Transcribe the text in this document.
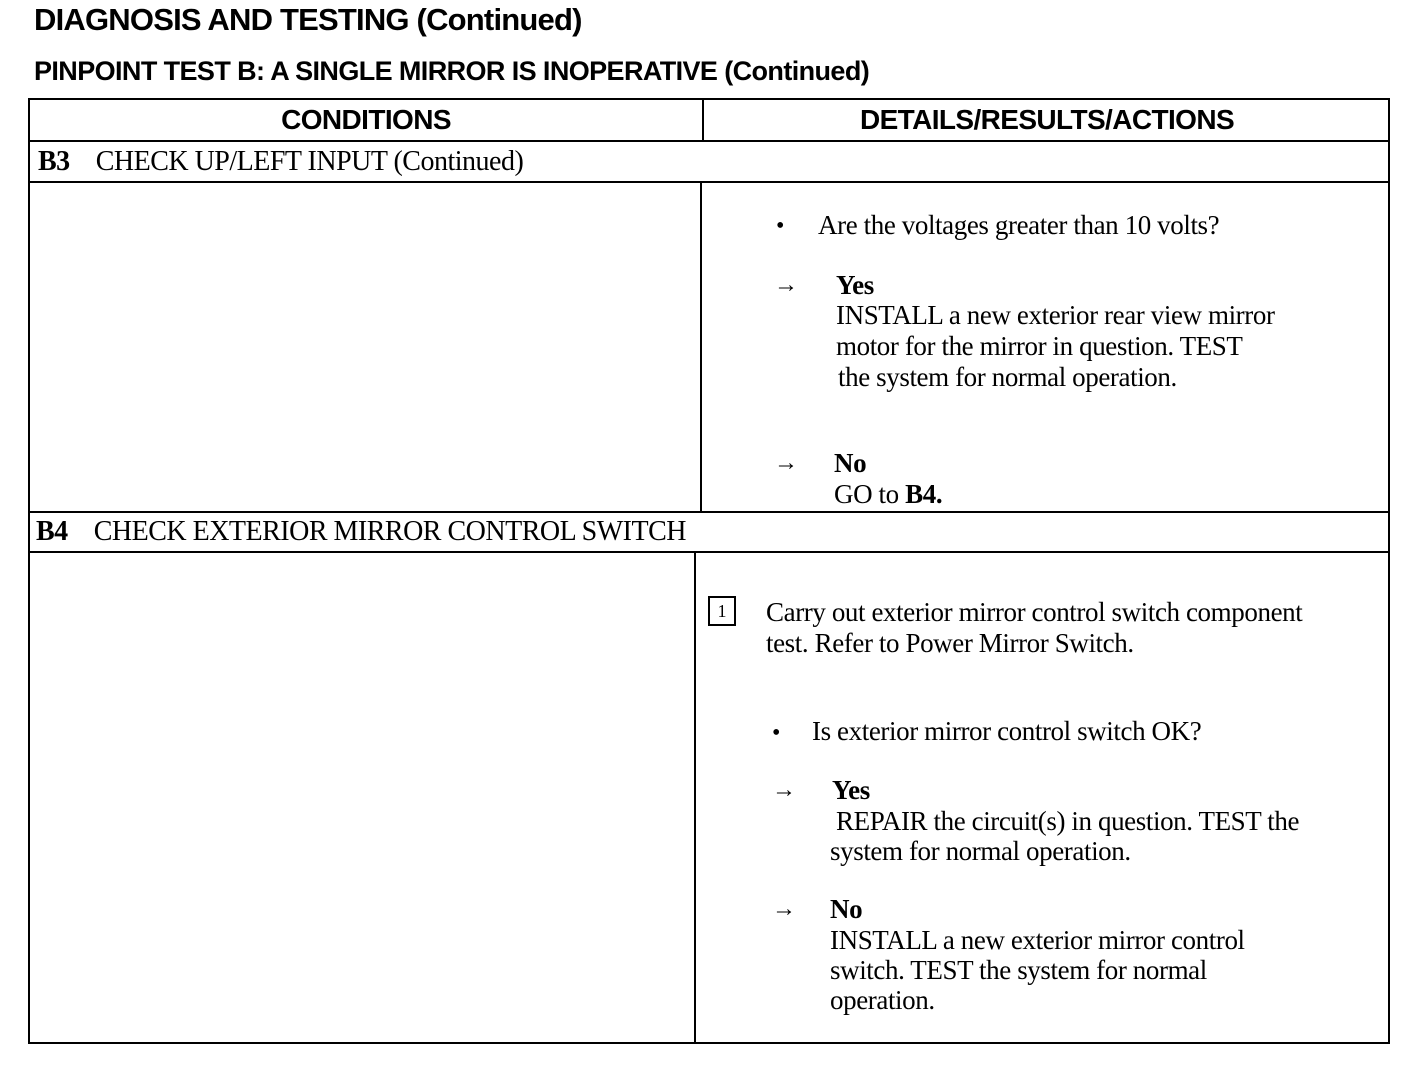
DIAGNOSIS AND TESTING (Continued)
PINPOINT TEST B: A SINGLE MIRROR IS INOPERATIVE (Continued)
CONDITIONS	DETAILS/RESULTS/ACTIONS
B3 CHECK UP/LEFT INPUT (Continued)
• Are the voltages greater than 10 volts?
→ Yes
INSTALL a new exterior rear view mirror
motor for the mirror in question. TEST
the system for normal operation.
→ No
GO to B4.
B4 CHECK EXTERIOR MIRROR CONTROL SWITCH
1	Carry out exterior mirror control switch component
test. Refer to Power Mirror Switch.
• Is exterior mirror control switch OK?
→ Yes
REPAIR the circuit(s) in question. TEST the
system for normal operation.
→ No
INSTALL a new exterior mirror control
switch. TEST the system for normal
operation.
